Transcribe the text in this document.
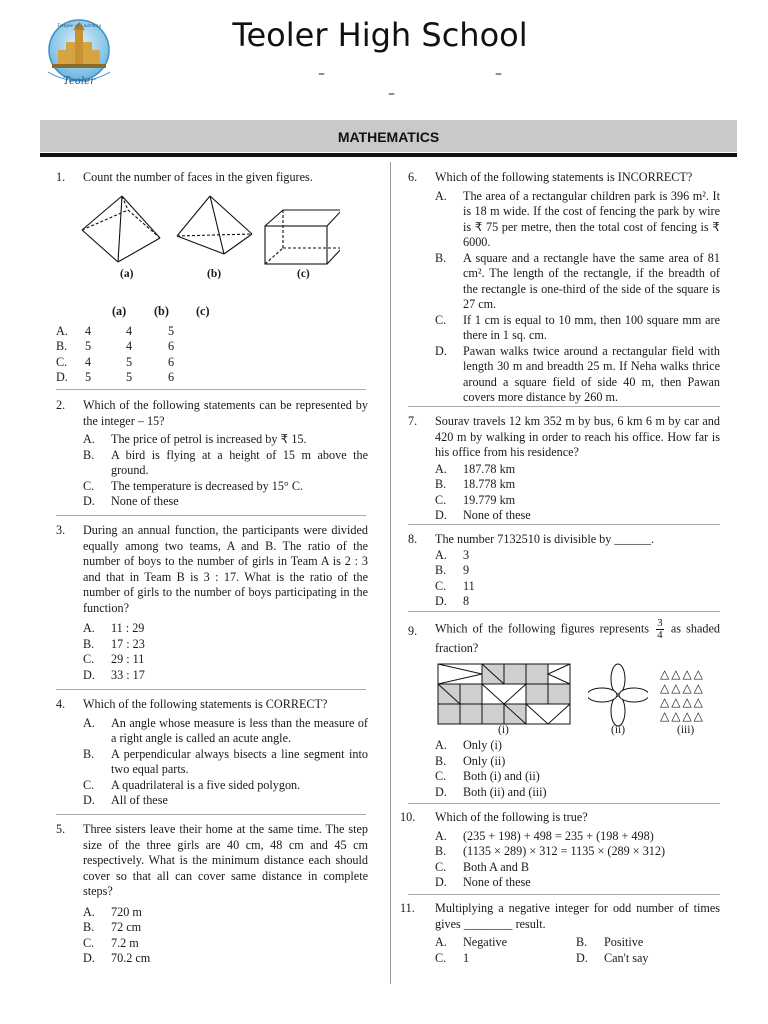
Teoler
Temple of Learning	Teoler High School
–	–
–
MATHEMATICS
1. Count the number of faces in the given figures.
(a)	(b)	(c)
(a)	(b)	(c)
A.	4	4	5
B.	5	4	6
C.	4	5	6
D.	5	5	6
2. Which of the following statements can be represented by the integer – 15?
A.	The price of petrol is increased by ₹ 15.
B.	A bird is flying at a height of 15 m above the ground.
C.	The temperature is decreased by 15° C.
D.	None of these
3. During an annual function, the participants were divided equally among two teams, A and B. The ratio of the number of boys to the number of girls in Team A is 2 : 3 and that in Team B is 3 : 17. What is the ratio of the number of girls to the number of boys participating in the function?
A.	11 : 29
B.	17 : 23
C.	29 : 11
D.	33 : 17
4. Which of the following statements is CORRECT?
A.	An angle whose measure is less than the measure of a right angle is called an acute angle.
B.	A perpendicular always bisects a line segment into two equal parts.
C.	A quadrilateral is a five sided polygon.
D.	All of these
5. Three sisters leave their home at the same time. The step size of the three girls are 40 cm, 48 cm and 45 cm respectively. What is the minimum distance each should cover so that all can cover same distance in complete steps?
A.	720 m
B.	72 cm
C.	7.2 m
D.	70.2 cm
6. Which of the following statements is INCORRECT?
A.	The area of a rectangular children park is 396 m². It is 18 m wide. If the cost of fencing the park by wire is ₹ 75 per metre, then the total cost of fencing is ₹ 6000.
B.	A square and a rectangle have the same area of 81 cm². The length of the rectangle, if the breadth of the rectangle is one-third of the side of the square is 27 cm.
C.	If 1 cm is equal to 10 mm, then 100 square mm are there in 1 sq. cm.
D.	Pawan walks twice around a rectangular field with length 30 m and breadth 25 m. If Neha walks thrice around a square field of side 40 m, then Pawan covers more distance by 260 m.
7. Sourav travels 12 km 352 m by bus, 6 km 6 m by car and 420 m by walking in order to reach his office. How far is his office from his residence?
A.	187.78 km
B.	18.778 km
C.	19.779 km
D.	None of these
8. The number 7132510 is divisible by ______.
A.	3
B.	9
C.	11
D.	8
9. Which of the following figures represents $\frac{3}{4}$ as shaded fraction?
△△△△
△△△△
△△△△
△△△△
(i)	(ii)	(iii)
A.	Only (i)
B.	Only (ii)
C.	Both (i) and (ii)
D.	Both (ii) and (iii)
10. Which of the following is true?
A.	(235 + 198) + 498 = 235 + (198 + 498)
B.	(1135 × 289) × 312 = 1135 × (289 × 312)
C.	Both A and B
D.	None of these
11. Multiplying a negative integer for odd number of times gives ________ result.
A.	Negative	B.	Positive
C.	1	D.	Can't say
